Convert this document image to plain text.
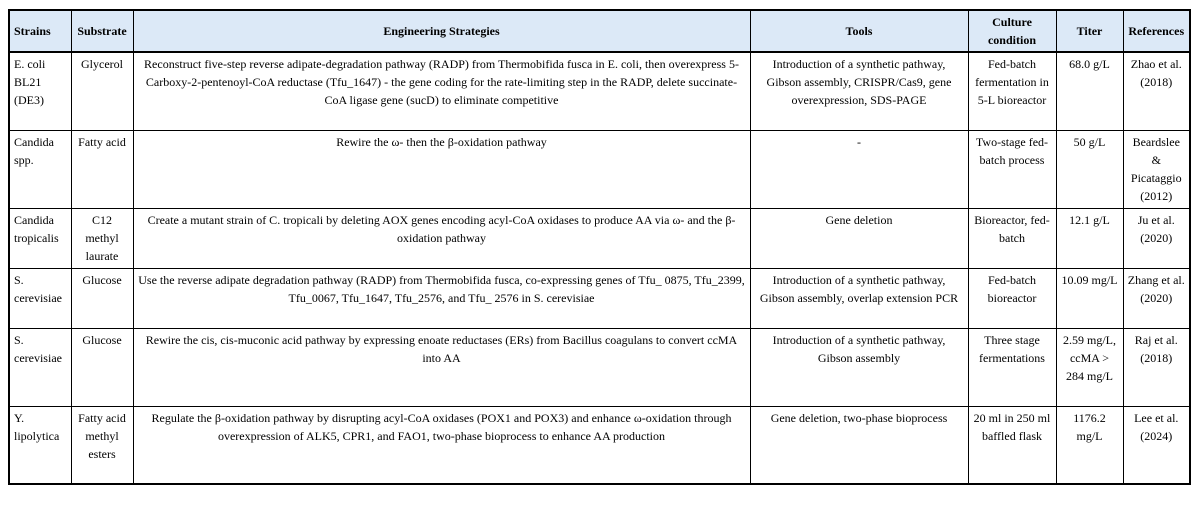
Strains	Substrate	Engineering Strategies	Tools	Culture condition	Titer	References
E. coli BL21 (DE3)	Glycerol	Reconstruct five-step reverse adipate-degradation pathway (RADP) from Thermobifida fusca in E. coli, then overexpress 5-Carboxy-2-pentenoyl-CoA reductase (Tfu_1647) - the gene coding for the rate-limiting step in the RADP, delete succinate-CoA ligase gene (sucD) to eliminate competitive	Introduction of a synthetic pathway, Gibson assembly, CRISPR/Cas9, gene overexpression, SDS-PAGE	Fed-batch fermentation in 5-L bioreactor	68.0 g/L	Zhao et al. (2018)
Candida spp.	Fatty acid	Rewire the ω- then the β-oxidation pathway	-	Two-stage fed-batch process	50 g/L	Beardslee & Picataggio (2012)
Candida tropicalis	C12 methyl laurate	Create a mutant strain of C. tropicali by deleting AOX genes encoding acyl-CoA oxidases to produce AA via ω- and the β-oxidation pathway	Gene deletion	Bioreactor, fed-batch	12.1 g/L	Ju et al. (2020)
S. cerevisiae	Glucose	Use the reverse adipate degradation pathway (RADP) from Thermobifida fusca, co-expressing genes of Tfu_ 0875, Tfu_2399, Tfu_0067, Tfu_1647, Tfu_2576, and Tfu_ 2576 in S. cerevisiae	Introduction of a synthetic pathway, Gibson assembly, overlap extension PCR	Fed-batch bioreactor	10.09 mg/L	Zhang et al. (2020)
S. cerevisiae	Glucose	Rewire the cis, cis-muconic acid pathway by expressing enoate reductases (ERs) from Bacillus coagulans to convert ccMA into AA	Introduction of a synthetic pathway, Gibson assembly	Three stage fermentations	2.59 mg/L, ccMA > 284 mg/L	Raj et al. (2018)
Y. lipolytica	Fatty acid methyl esters	Regulate the β-oxidation pathway by disrupting acyl-CoA oxidases (POX1 and POX3) and enhance ω-oxidation through overexpression of ALK5, CPR1, and FAO1, two-phase bioprocess to enhance AA production	Gene deletion, two-phase bioprocess	20 ml in 250 ml baffled flask	1176.2 mg/L	Lee et al. (2024)
